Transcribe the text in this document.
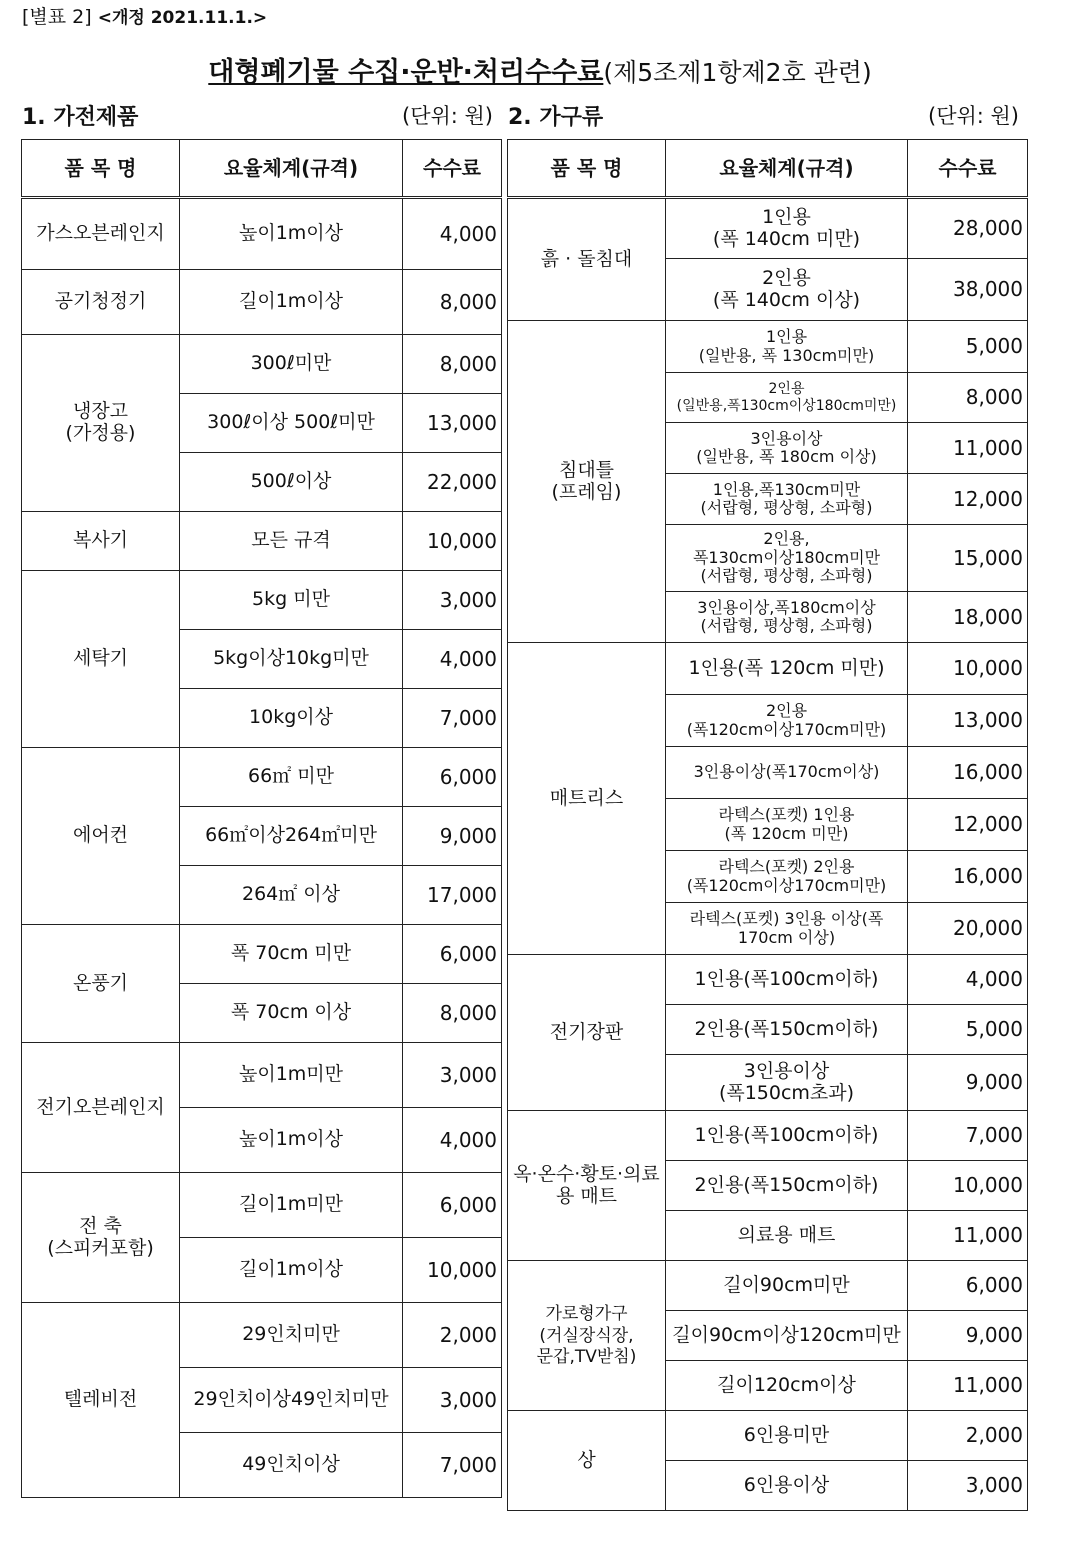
[별표 2] <개정 2021.11.1.>
대형폐기물 수집·운반·처리수수료(제5조제1항제2호 관련)
1. 가전제품	(단위: 원) 2. 가구류	(단위: 원)
품 목 명	요율체계(규격)	수수료
가스오븐레인지	높이1m이상	4,000
공기청정기	길이1m이상	8,000
냉장고
(가정용)	300ℓ미만	8,000
	300ℓ이상 500ℓ미만	13,000
	500ℓ이상	22,000
복사기	모든 규격	10,000
세탁기	5kg 미만	3,000
	5kg이상10kg미만	4,000
	10kg이상	7,000
에어컨	66㎡ 미만	6,000
	66㎡이상264㎡미만	9,000
	264㎡ 이상	17,000
온풍기	폭 70cm 미만	6,000
	폭 70cm 이상	8,000
전기오븐레인지	높이1m미만	3,000
	높이1m이상	4,000
전 축
(스피커포함)	길이1m미만	6,000
	길이1m이상	10,000
텔레비전	29인치미만	2,000
	29인치이상49인치미만	3,000
	49인치이상	7,000
품 목 명	요율체계(규격)	수수료
흙 · 돌침대	1인용
(폭 140cm 미만)	28,000
	2인용
(폭 140cm 이상)	38,000
침대틀
(프레임)	1인용
(일반용, 폭 130cm미만)	5,000
	2인용
(일반용,폭130cm이상180cm미만)	8,000
	3인용이상
(일반용, 폭 180cm 이상)	11,000
	1인용,폭130cm미만
(서랍형, 평상형, 소파형)	12,000
	2인용,
폭130cm이상180cm미만
(서랍형, 평상형, 소파형)	15,000
	3인용이상,폭180cm이상
(서랍형, 평상형, 소파형)	18,000
매트리스	1인용(폭 120cm 미만)	10,000
	2인용
(폭120cm이상170cm미만)	13,000
	3인용이상(폭170cm이상)	16,000
	라텍스(포켓) 1인용
(폭 120cm 미만)	12,000
	라텍스(포켓) 2인용
(폭120cm이상170cm미만)	16,000
	라텍스(포켓) 3인용 이상(폭
170cm 이상)	20,000
전기장판	1인용(폭100cm이하)	4,000
	2인용(폭150cm이하)	5,000
	3인용이상
(폭150cm초과)	9,000
옥·온수·황토·의료
용 매트	1인용(폭100cm이하)	7,000
	2인용(폭150cm이하)	10,000
	의료용 매트	11,000
가로형가구
(거실장식장,
문갑,TV받침)	길이90cm미만	6,000
	길이90cm이상120cm미만	9,000
	길이120cm이상	11,000
상	6인용미만	2,000
	6인용이상	3,000
